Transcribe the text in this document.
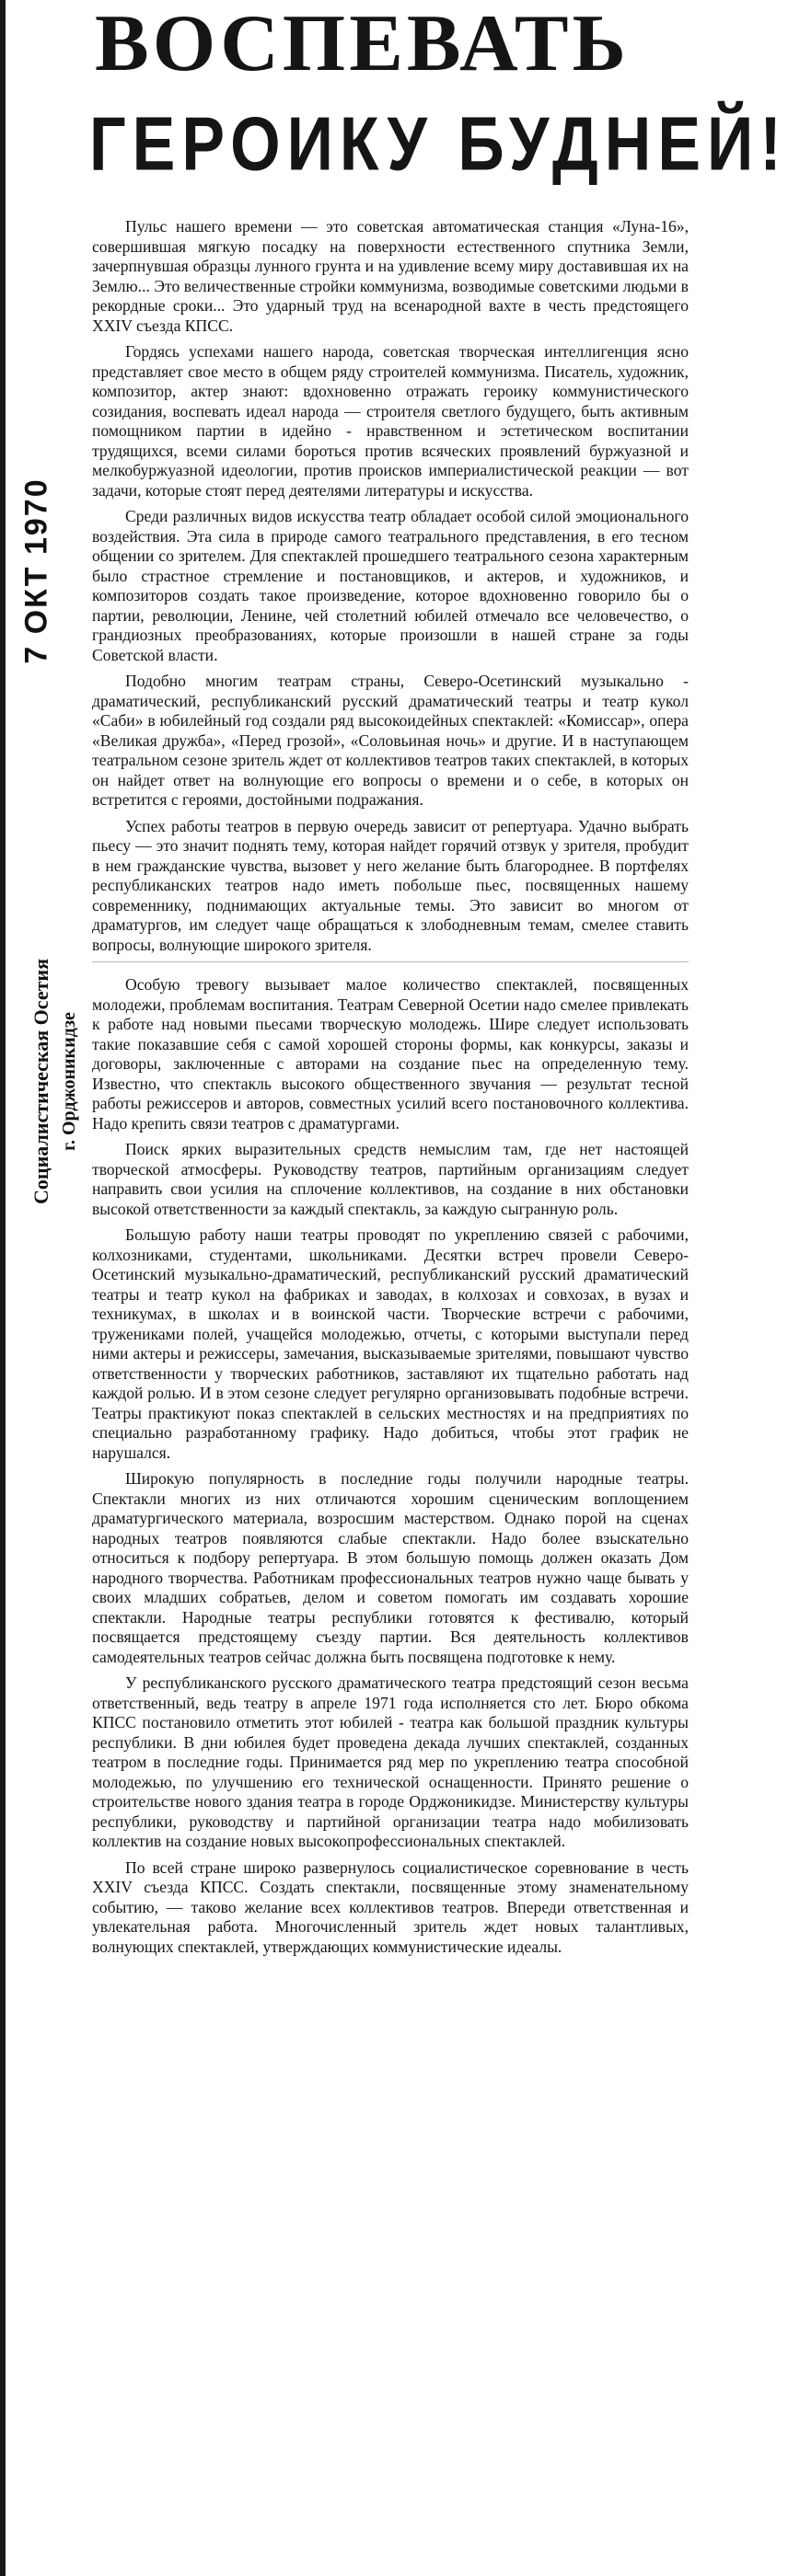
7 ОКТ 1970
Социалистическая Осетия г. Орджоникидзе
ВОСПЕВАТЬ
ГЕРОИКУ БУДНЕЙ!

Пульс нашего времени — это советская автоматическая станция «Луна-16», совершившая мягкую посадку на поверхности естественного спутника Земли, зачерпнувшая образцы лунного грунта и на удивление всему миру доставившая их на Землю... Это величественные стройки коммунизма, возводимые советскими людьми в рекордные сроки... Это ударный труд на всенародной вахте в честь предстоящего XXIV съезда КПСС.

Гордясь успехами нашего народа, советская творческая интеллигенция ясно представляет свое место в общем ряду строителей коммунизма. Писатель, художник, композитор, актер знают: вдохновенно отражать героику коммунистического созидания, воспевать идеал народа — строителя светлого будущего, быть активным помощником партии в идейно - нравственном и эстетическом воспитании трудящихся, всеми силами бороться против всяческих проявлений буржуазной и мелкобуржуазной идеологии, против происков империалистической реакции — вот задачи, которые стоят перед деятелями литературы и искусства.

Среди различных видов искусства театр обладает особой силой эмоционального воздействия. Эта сила в природе самого театрального представления, в его тесном общении со зрителем. Для спектаклей прошедшего театрального сезона характерным было страстное стремление и постановщиков, и актеров, и художников, и композиторов создать такое произведение, которое вдохновенно говорило бы о партии, революции, Ленине, чей столетний юбилей отмечало все человечество, о грандиозных преобразованиях, которые произошли в нашей стране за годы Советской власти.

Подобно многим театрам страны, Северо-Осетинский музыкально - драматический, республиканский русский драматический театры и театр кукол «Саби» в юбилейный год создали ряд высокоидейных спектаклей: «Комиссар», опера «Великая дружба», «Перед грозой», «Соловьиная ночь» и другие. И в наступающем театральном сезоне зритель ждет от коллективов театров таких спектаклей, в которых он найдет ответ на волнующие его вопросы о времени и о себе, в которых он встретится с героями, достойными подражания.

Успех работы театров в первую очередь зависит от репертуара. Удачно выбрать пьесу — это значит поднять тему, которая найдет горячий отзвук у зрителя, пробудит в нем гражданские чувства, вызовет у него желание быть благороднее. В портфелях республиканских театров надо иметь побольше пьес, посвященных нашему современнику, поднимающих актуальные темы. Это зависит во многом от драматургов, им следует чаще обращаться к злободневным темам, смелее ставить вопросы, волнующие широкого зрителя.

Особую тревогу вызывает малое количество спектаклей, посвященных молодежи, проблемам воспитания. Театрам Северной Осетии надо смелее привлекать к работе над новыми пьесами творческую молодежь. Шире следует использовать такие показавшие себя с самой хорошей стороны формы, как конкурсы, заказы и договоры, заключенные с авторами на создание пьес на определенную тему. Известно, что спектакль высокого общественного звучания — результат тесной работы режиссеров и авторов, совместных усилий всего постановочного коллектива. Надо крепить связи театров с драматургами.

Поиск ярких выразительных средств немыслим там, где нет настоящей творческой атмосферы. Руководству театров, партийным организациям следует направить свои усилия на сплочение коллективов, на создание в них обстановки высокой ответственности за каждый спектакль, за каждую сыгранную роль.

Большую работу наши театры проводят по укреплению связей с рабочими, колхозниками, студентами, школьниками. Десятки встреч провели Северо-Осетинский музыкально-драматический, республиканский русский драматический театры и театр кукол на фабриках и заводах, в колхозах и совхозах, в вузах и техникумах, в школах и в воинской части. Творческие встречи с рабочими, тружениками полей, учащейся молодежью, отчеты, с которыми выступали перед ними актеры и режиссеры, замечания, высказываемые зрителями, повышают чувство ответственности у творческих работников, заставляют их тщательно работать над каждой ролью. И в этом сезоне следует регулярно организовывать подобные встречи. Театры практикуют показ спектаклей в сельских местностях и на предприятиях по специально разработанному графику. Надо добиться, чтобы этот график не нарушался.

Широкую популярность в последние годы получили народные театры. Спектакли многих из них отличаются хорошим сценическим воплощением драматургического материала, возросшим мастерством. Однако порой на сценах народных театров появляются слабые спектакли. Надо более взыскательно относиться к подбору репертуара. В этом большую помощь должен оказать Дом народного творчества. Работникам профессиональных театров нужно чаще бывать у своих младших собратьев, делом и советом помогать им создавать хорошие спектакли. Народные театры республики готовятся к фестивалю, который посвящается предстоящему съезду партии. Вся деятельность коллективов самодеятельных театров сейчас должна быть посвящена подготовке к нему.

У республиканского русского драматического театра предстоящий сезон весьма ответственный, ведь театру в апреле 1971 года исполняется сто лет. Бюро обкома КПСС постановило отметить этот юбилей - театра как большой праздник культуры республики. В дни юбилея будет проведена декада лучших спектаклей, созданных театром в последние годы. Принимается ряд мер по укреплению театра способной молодежью, по улучшению его технической оснащенности. Принято решение о строительстве нового здания театра в городе Орджоникидзе. Министерству культуры республики, руководству и партийной организации театра надо мобилизовать коллектив на создание новых высокопрофессиональных спектаклей.

По всей стране широко развернулось социалистическое соревнование в честь XXIV съезда КПСС. Создать спектакли, посвященные этому знаменательному событию, — таково желание всех коллективов театров. Впереди ответственная и увлекательная работа. Многочисленный зритель ждет новых талантливых, волнующих спектаклей, утверждающих коммунистические идеалы.
